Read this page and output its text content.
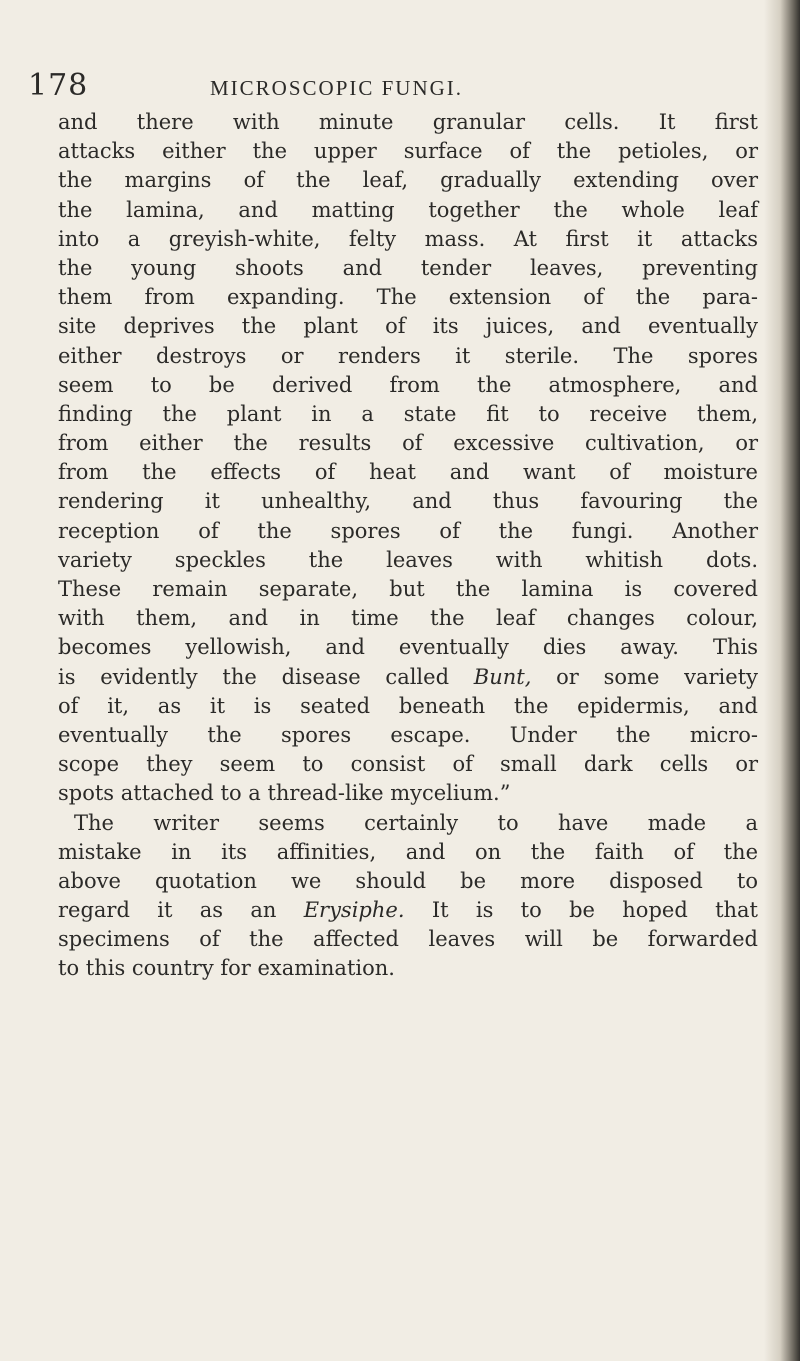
178	MICROSCOPIC FUNGI.
and there with minute granular cells. It first
attacks either the upper surface of the petioles, or
the margins of the leaf, gradually extending over
the lamina, and matting together the whole leaf
into a greyish-white, felty mass. At first it attacks
the young shoots and tender leaves, preventing
them from expanding. The extension of the para-
site deprives the plant of its juices, and eventually
either destroys or renders it sterile. The spores
seem to be derived from the atmosphere, and
finding the plant in a state fit to receive them,
from either the results of excessive cultivation, or
from the effects of heat and want of moisture
rendering it unhealthy, and thus favouring the
reception of the spores of the fungi. Another
variety speckles the leaves with whitish dots.
These remain separate, but the lamina is covered
with them, and in time the leaf changes colour,
becomes yellowish, and eventually dies away. This
is evidently the disease called Bunt, or some variety
of it, as it is seated beneath the epidermis, and
eventually the spores escape. Under the micro-
scope they seem to consist of small dark cells or
spots attached to a thread-like mycelium.”
The writer seems certainly to have made a
mistake in its affinities, and on the faith of the
above quotation we should be more disposed to
regard it as an Erysiphe. It is to be hoped that
specimens of the affected leaves will be forwarded
to this country for examination.
